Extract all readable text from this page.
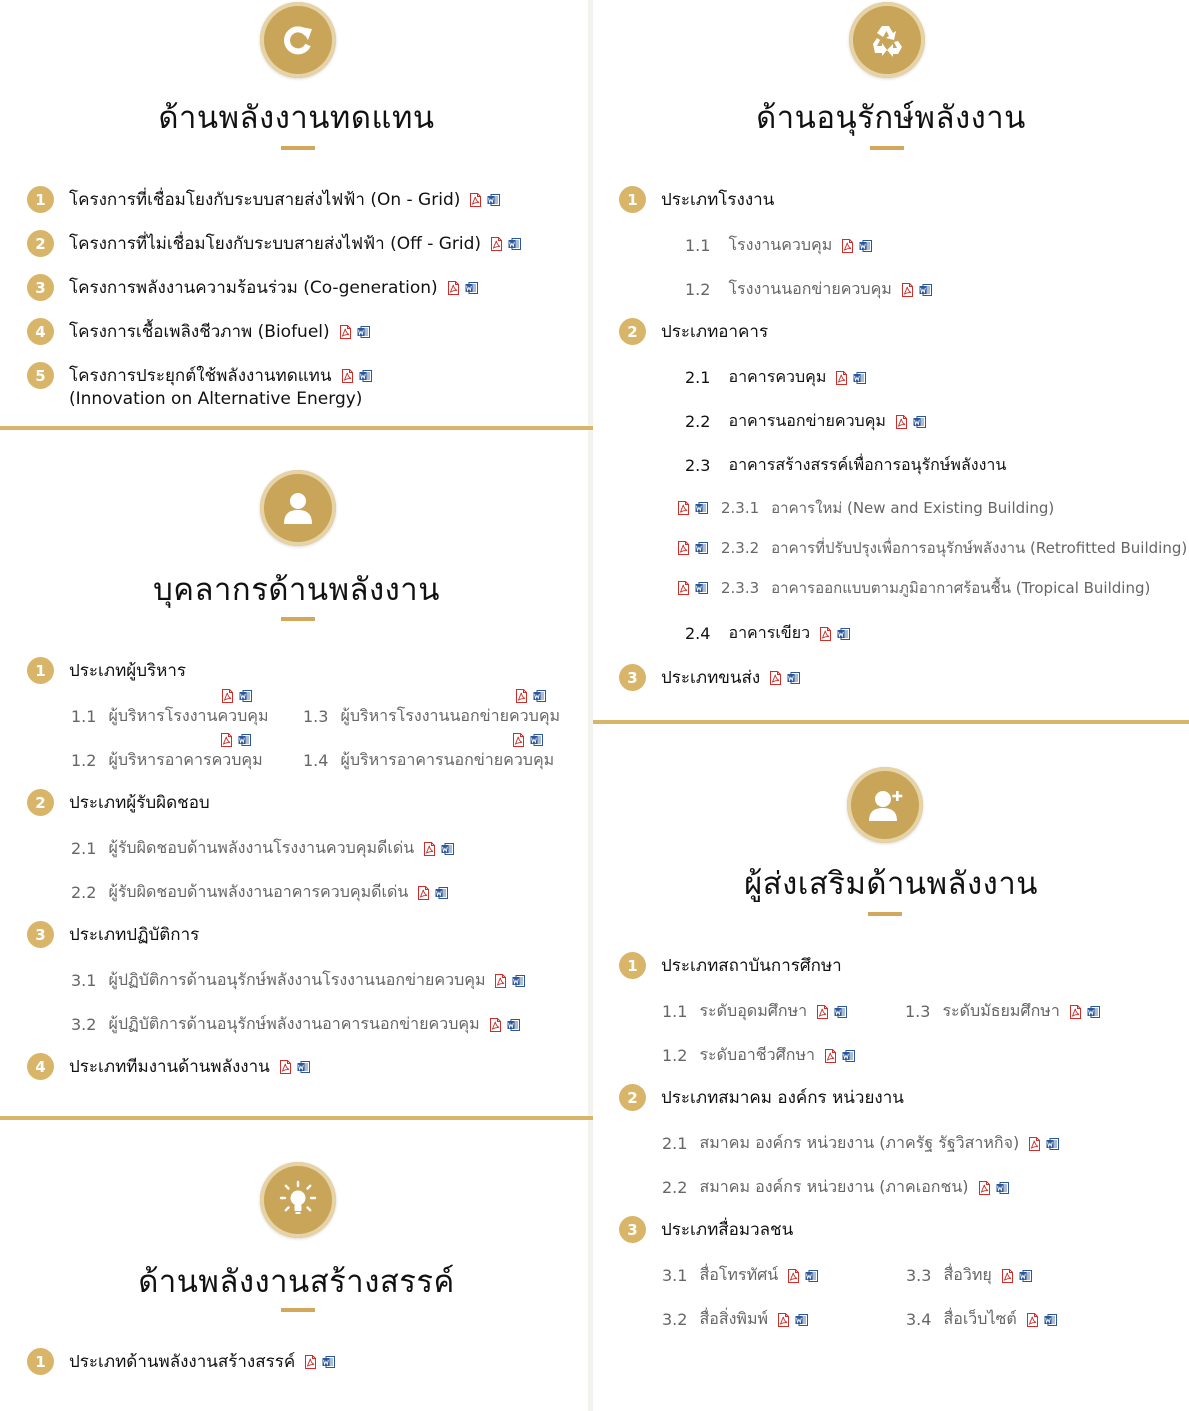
ด้านพลังงานทดแทน
1	โครงการที่เชื่อมโยงกับระบบสายส่งไฟฟ้า (On - Grid)
2	โครงการที่ไม่เชื่อมโยงกับระบบสายส่งไฟฟ้า (Off - Grid)
3	โครงการพลังงานความร้อนร่วม (Co-generation)
4	โครงการเชื้อเพลิงชีวภาพ (Biofuel)
5	โครงการประยุกต์ใช้พลังงานทดแทน
(Innovation on Alternative Energy)
บุคลากรด้านพลังงาน
1	ประเภทผู้บริหาร
1.1 ผู้บริหารโรงงานควบคุม 1.3 ผู้บริหารโรงงานนอกข่ายควบคุม
1.2 ผู้บริหารอาคารควบคุม	1.4 ผู้บริหารอาคารนอกข่ายควบคุม
2	ประเภทผู้รับผิดชอบ
2.1 ผู้รับผิดชอบด้านพลังงานโรงงานควบคุมดีเด่น
2.2 ผู้รับผิดชอบด้านพลังงานอาคารควบคุมดีเด่น
3	ประเภทปฏิบัติการ
3.1 ผู้ปฏิบัติการด้านอนุรักษ์พลังงานโรงงานนอกข่ายควบคุม
3.2 ผู้ปฏิบัติการด้านอนุรักษ์พลังงานอาคารนอกข่ายควบคุม
4	ประเภททีมงานด้านพลังงาน
ด้านพลังงานสร้างสรรค์
1	ประเภทด้านพลังงานสร้างสรรค์
ด้านอนุรักษ์พลังงาน
1	ประเภทโรงงาน
1.1 โรงงานควบคุม
1.2 โรงงานนอกข่ายควบคุม
2	ประเภทอาคาร
2.1 อาคารควบคุม
2.2 อาคารนอกข่ายควบคุม
2.3 อาคารสร้างสรรค์เพื่อการอนุรักษ์พลังงาน
2.3.1 อาคารใหม่ (New and Existing Building)
2.3.2 อาคารที่ปรับปรุงเพื่อการอนุรักษ์พลังงาน (Retrofitted Building)
2.3.3 อาคารออกแบบตามภูมิอากาศร้อนชื้น (Tropical Building)
2.4 อาคารเขียว
3	ประเภทขนส่ง
ผู้ส่งเสริมด้านพลังงาน
1	ประเภทสถาบันการศึกษา
1.1 ระดับอุดมศึกษา	1.3 ระดับมัธยมศึกษา
1.2 ระดับอาชีวศึกษา
2	ประเภทสมาคม องค์กร หน่วยงาน
2.1 สมาคม องค์กร หน่วยงาน (ภาครัฐ รัฐวิสาหกิจ)
2.2 สมาคม องค์กร หน่วยงาน (ภาคเอกชน)
3	ประเภทสื่อมวลชน
3.1 สื่อโทรทัศน์	3.3 สื่อวิทยุ
3.2 สื่อสิ่งพิมพ์	3.4 สื่อเว็บไซต์
